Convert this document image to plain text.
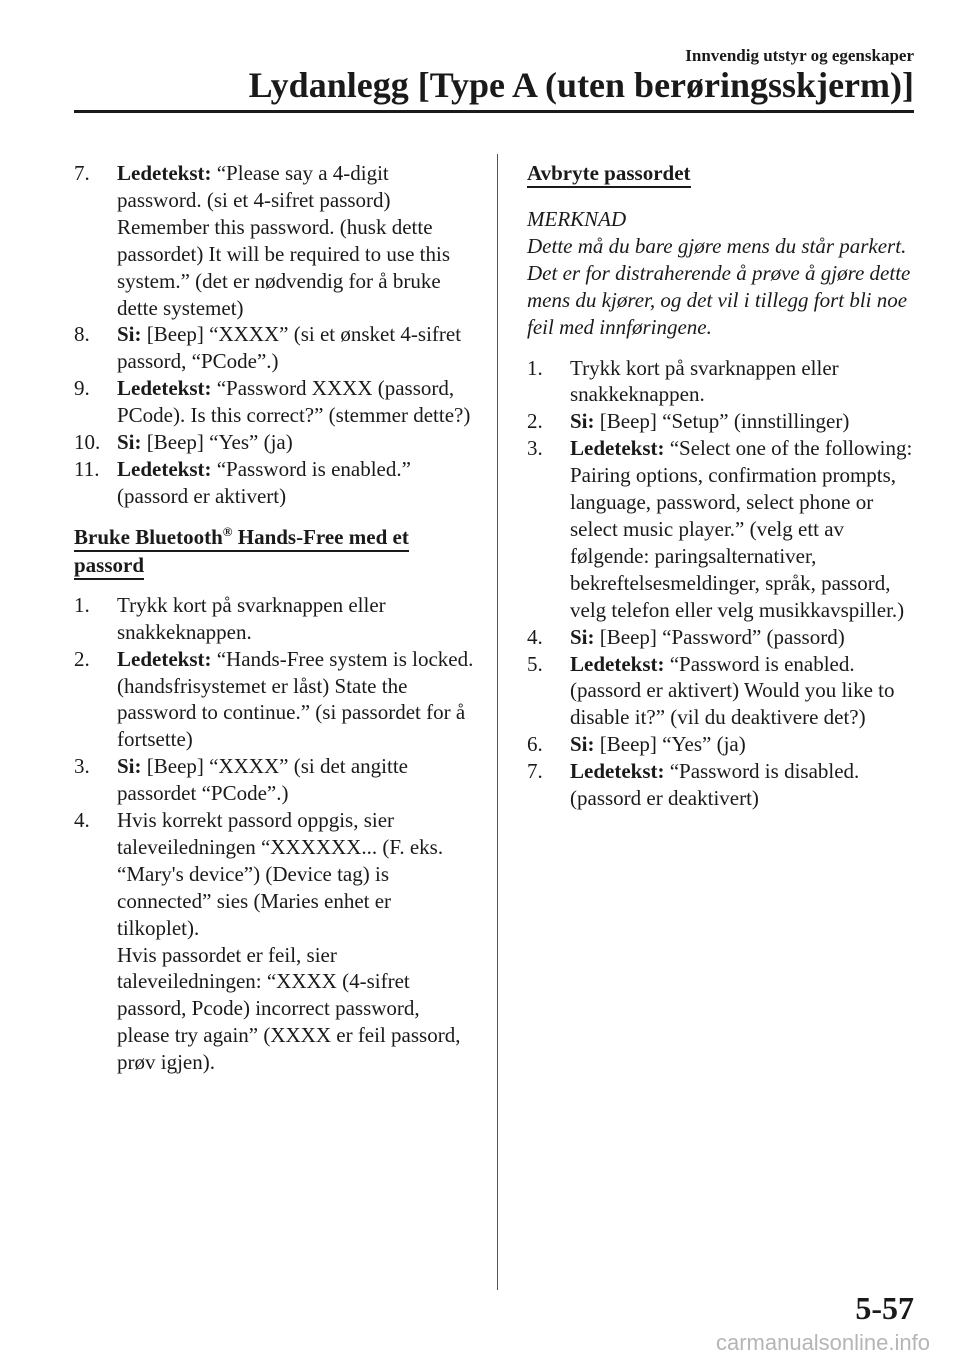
Innvendig utstyr og egenskaper
Lydanlegg [Type A (uten berøringsskjerm)]
7. Ledetekst: “Please say a 4-digit password. (si et 4-sifret passord) Remember this password. (husk dette passordet) It will be required to use this system.” (det er nødvendig for å bruke dette systemet)
8. Si: [Beep] “XXXX” (si et ønsket 4-sifret passord, “PCode”.)
9. Ledetekst: “Password XXXX (passord, PCode). Is this correct?” (stemmer dette?)
10. Si: [Beep] “Yes” (ja)
11. Ledetekst: “Password is enabled.” (passord er aktivert)
Bruke Bluetooth® Hands-Free med et
passord
1. Trykk kort på svarknappen eller snakkeknappen.
2. Ledetekst: “Hands-Free system is locked. (handsfrisystemet er låst) State the password to continue.” (si passordet for å fortsette)
3. Si: [Beep] “XXXX” (si det angitte passordet “PCode”.)
4. Hvis korrekt passord oppgis, sier taleveiledningen “XXXXXX... (F. eks. “Mary's device”) (Device tag) is connected” sies (Maries enhet er tilkoplet).
Hvis passordet er feil, sier taleveiledningen: “XXXX (4-sifret passord, Pcode) incorrect password, please try again” (XXXX er feil passord, prøv igjen).
Avbryte passordet
MERKNAD
Dette må du bare gjøre mens du står parkert. Det er for distraherende å prøve å gjøre dette mens du kjører, og det vil i tillegg fort bli noe feil med innføringene.
1. Trykk kort på svarknappen eller snakkeknappen.
2. Si: [Beep] “Setup” (innstillinger)
3. Ledetekst: “Select one of the following: Pairing options, confirmation prompts, language, password, select phone or select music player.” (velg ett av følgende: paringsalternativer, bekreftelsesmeldinger, språk, passord, velg telefon eller velg musikkavspiller.)
4. Si: [Beep] “Password” (passord)
5. Ledetekst: “Password is enabled. (passord er aktivert) Would you like to disable it?” (vil du deaktivere det?)
6. Si: [Beep] “Yes” (ja)
7. Ledetekst: “Password is disabled. (passord er deaktivert)
5-57
carmanualsonline.info
